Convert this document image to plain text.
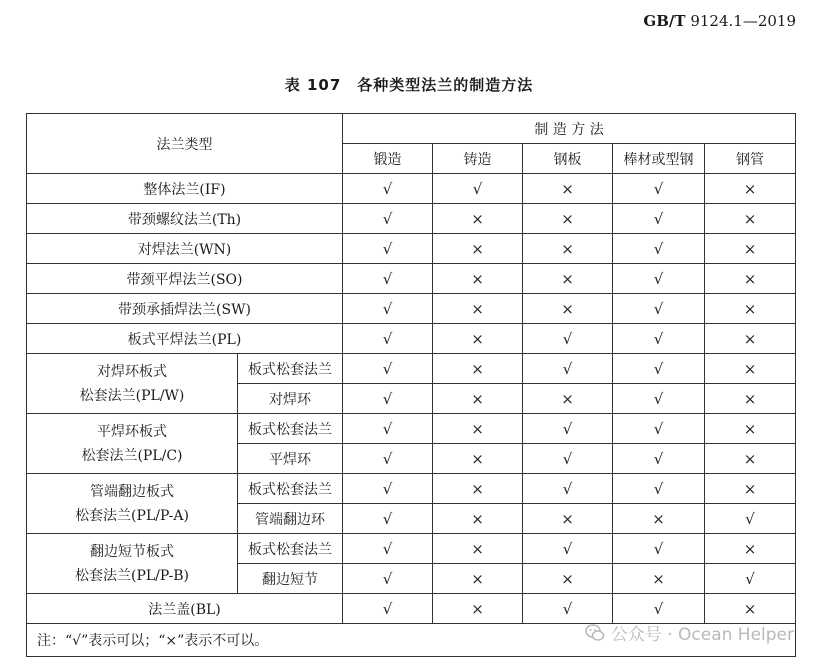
GB/T 9124.1—2019
表 107　各种类型法兰的制造方法
法兰类型		制 造 方 法				
		锻造	铸造	钢板	棒材或型钢	钢管
整体法兰(IF)		√	√	×	√	×
带颈螺纹法兰(Th)		√	×	×	√	×
对焊法兰(WN)		√	×	×	√	×
带颈平焊法兰(SO)		√	×	×	√	×
带颈承插焊法兰(SW)		√	×	×	√	×
板式平焊法兰(PL)		√	×	√	√	×

对焊环板式
松套法兰(PL/W)	板式松套法兰	√	×	√	√	×
	对焊环	√	×	×	√	×

平焊环板式
松套法兰(PL/C)	板式松套法兰	√	×	√	√	×
	平焊环	√	×	√	√	×

管端翻边板式
松套法兰(PL/P-A)	板式松套法兰	√	×	√	√	×
	管端翻边环	√	×	×	×	√

翻边短节板式
松套法兰(PL/P-B)	板式松套法兰	√	×	√	√	×
	翻边短节	√	×	×	×	√
法兰盖(BL)		√	×	√	√	×
注：“√”表示可以；“×”表示不可以。							公众号 · Ocean Helper
